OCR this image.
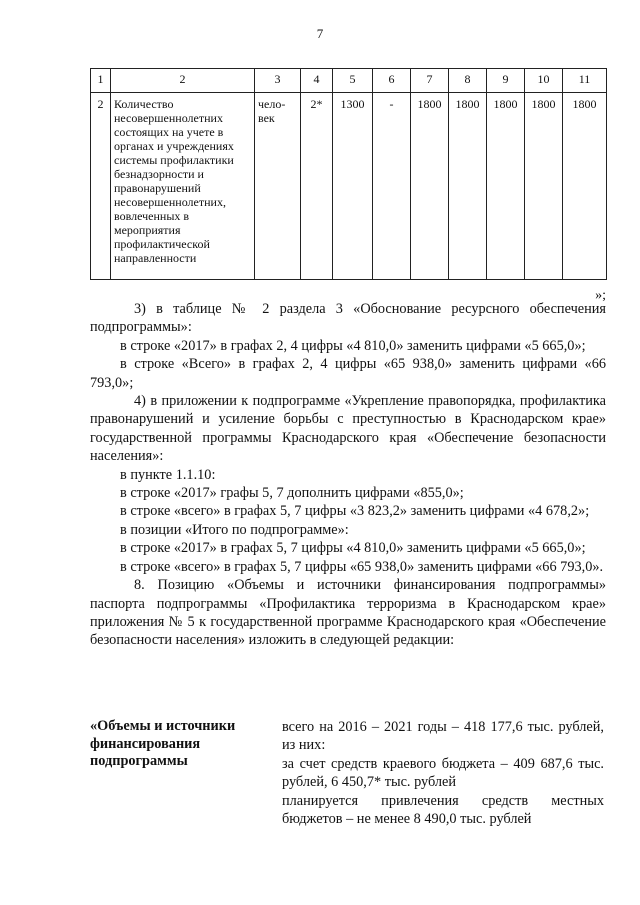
7
1	2	3	4	5	6	7	8	9	10	11
2	Количество несовершеннолетних состоящих на учете в органах и учреждениях системы профилактики безнадзорности и правонарушений несовершеннолетних, вовлеченных в мероприятия профилактической направленности	чело-век	2*	1300	-	1800	1800	1800	1800	1800
»;

3) в таблице № 2 раздела 3 «Обоснование ресурсного обеспечения подпрограммы»:

в строке «2017» в графах 2, 4 цифры «4 810,0» заменить цифрами «5 665,0»;

в строке «Всего» в графах 2, 4 цифры «65 938,0» заменить цифрами «66 793,0»;

4) в приложении к подпрограмме «Укрепление правопорядка, профилактика правонарушений и усиление борьбы с преступностью в Краснодарском крае» государственной программы Краснодарского края «Обеспечение безопасности населения»:

в пункте 1.1.10:

в строке «2017» графы 5, 7 дополнить цифрами «855,0»;

в строке «всего» в графах 5, 7 цифры «3 823,2» заменить цифрами «4 678,2»;

в позиции «Итого по подпрограмме»:

в строке «2017» в графах 5, 7 цифры «4 810,0» заменить цифрами «5 665,0»;

в строке «всего» в графах 5, 7 цифры «65 938,0» заменить цифрами «66 793,0».

8. Позицию «Объемы и источники финансирования подпрограммы» паспорта подпрограммы «Профилактика терроризма в Краснодарском крае» приложения № 5 к государственной программе Краснодарского края «Обеспечение безопасности населения» изложить в следующей редакции:

«Объемы и источники финансирования подпрограммы

всего на 2016 – 2021 годы – 418 177,6 тыс. рублей, из них:

за счет средств краевого бюджета – 409 687,6 тыс. рублей, 6 450,7* тыс. рублей

планируется привлечения средств местных бюджетов – не менее 8 490,0 тыс. рублей
